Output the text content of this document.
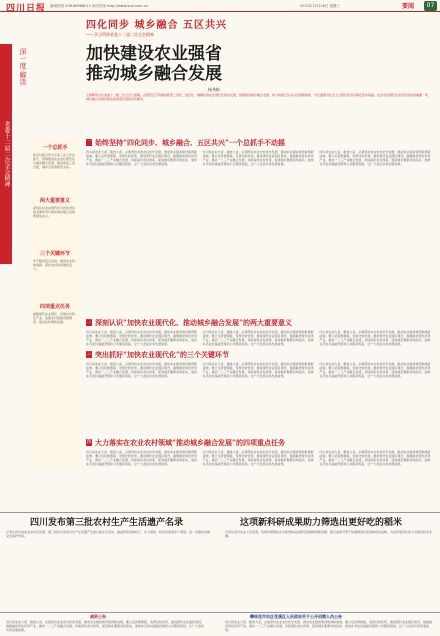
四川日报 新闻热线 028-86968012 四川在线 http://www.scol.com.cn	2022年12月28日 星期三	要闻	07
四化同步 城乡融合 五区共兴
——学习贯彻省委十二届二次全会精神
加快建设农业强省
推动城乡融合发展
杨秀彬
省委十二届二次全会精神
深一度·解读
王晓晖同志在省委十二届二次全会上强调，必须坚定不移推进新型工业化、信息化、城镇化和农业现代化同步发展，统筹推进城乡融合发展，着力构建五区共兴发展新格局，为全面建设社会主义现代化四川奠定坚实基础。农业农村现代化是四化同步的重要一环，城乡融合发展是推动高质量发展的必然要求。
一个总抓手
将乡村振兴作为全省三农工作总抓手，统筹推进农业农村现代化与城乡融合发展，推动形成工农互促、城乡互补的新型关系。
两大重要意义
深刻认识农业现代化对四化同步的支撑作用与推动城乡融合发展的现实意义。
三个关键环节
守牢粮食安全底线；推进农业科技创新；深化农村改革激发活力。
四项重点任务
做强现代农业园区，发展乡村特色产业，加强乡村基础设施建设，促进农民增收致富。
一 始终坚持“四化同步、城乡融合、五区共兴”一个总抓手不动摇
四川是农业大省、粮食大省，必须坚持农业农村优先发展，推动农业强省建设取得新成效。要立足资源禀赋，发挥比较优势，推进现代农业园区建设，做强做优特色优势产业，推动一二三产业融合发展，持续深化农村改革，促进城乡要素双向流动，加快补齐农村基础设施和公共服务短板，让广大农民共享发展成果。
四川是农业大省、粮食大省，必须坚持农业农村优先发展，推动农业强省建设取得新成效。要立足资源禀赋，发挥比较优势，推进现代农业园区建设，做强做优特色优势产业，推动一二三产业融合发展，持续深化农村改革，促进城乡要素双向流动，加快补齐农村基础设施和公共服务短板，让广大农民共享发展成果。
四川是农业大省、粮食大省，必须坚持农业农村优先发展，推动农业强省建设取得新成效。要立足资源禀赋，发挥比较优势，推进现代农业园区建设，做强做优特色优势产业，推动一二三产业融合发展，持续深化农村改革，促进城乡要素双向流动，加快补齐农村基础设施和公共服务短板，让广大农民共享发展成果。
二 深刻认识“加快农业现代化、推动城乡融合发展”的两大重要意义
四川是农业大省、粮食大省，必须坚持农业农村优先发展，推动农业强省建设取得新成效。要立足资源禀赋，发挥比较优势，推进现代农业园区建设，做强做优特色优势产业，推动一二三产业融合发展，持续深化农村改革，促进城乡要素双向流动，加快补齐农村基础设施和公共服务短板，让广大农民共享发展成果。
四川是农业大省、粮食大省，必须坚持农业农村优先发展，推动农业强省建设取得新成效。要立足资源禀赋，发挥比较优势，推进现代农业园区建设，做强做优特色优势产业，推动一二三产业融合发展，持续深化农村改革，促进城乡要素双向流动，加快补齐农村基础设施和公共服务短板，让广大农民共享发展成果。
四川是农业大省、粮食大省，必须坚持农业农村优先发展，推动农业强省建设取得新成效。要立足资源禀赋，发挥比较优势，推进现代农业园区建设，做强做优特色优势产业，推动一二三产业融合发展，持续深化农村改革，促进城乡要素双向流动，加快补齐农村基础设施和公共服务短板，让广大农民共享发展成果。
三 突出抓好“加快农业现代化”的三个关键环节
四川是农业大省、粮食大省，必须坚持农业农村优先发展，推动农业强省建设取得新成效。要立足资源禀赋，发挥比较优势，推进现代农业园区建设，做强做优特色优势产业，推动一二三产业融合发展，持续深化农村改革，促进城乡要素双向流动，加快补齐农村基础设施和公共服务短板，让广大农民共享发展成果。
四川是农业大省、粮食大省，必须坚持农业农村优先发展，推动农业强省建设取得新成效。要立足资源禀赋，发挥比较优势，推进现代农业园区建设，做强做优特色优势产业，推动一二三产业融合发展，持续深化农村改革，促进城乡要素双向流动，加快补齐农村基础设施和公共服务短板，让广大农民共享发展成果。
四川是农业大省、粮食大省，必须坚持农业农村优先发展，推动农业强省建设取得新成效。要立足资源禀赋，发挥比较优势，推进现代农业园区建设，做强做优特色优势产业，推动一二三产业融合发展，持续深化农村改革，促进城乡要素双向流动，加快补齐农村基础设施和公共服务短板，让广大农民共享发展成果。
四 大力落实在农业农村领域“推动城乡融合发展”的四项重点任务
四川是农业大省、粮食大省，必须坚持农业农村优先发展，推动农业强省建设取得新成效。要立足资源禀赋，发挥比较优势，推进现代农业园区建设，做强做优特色优势产业，推动一二三产业融合发展，持续深化农村改革，促进城乡要素双向流动，加快补齐农村基础设施和公共服务短板，让广大农民共享发展成果。
四川是农业大省、粮食大省，必须坚持农业农村优先发展，推动农业强省建设取得新成效。要立足资源禀赋，发挥比较优势，推进现代农业园区建设，做强做优特色优势产业，推动一二三产业融合发展，持续深化农村改革，促进城乡要素双向流动，加快补齐农村基础设施和公共服务短板，让广大农民共享发展成果。
四川是农业大省、粮食大省，必须坚持农业农村优先发展，推动农业强省建设取得新成效。要立足资源禀赋，发挥比较优势，推进现代农业园区建设，做强做优特色优势产业，推动一二三产业融合发展，持续深化农村改革，促进城乡要素双向流动，加快补齐农村基础设施和公共服务短板，让广大农民共享发展成果。
四川发布第三批农村生产生活遗产名录	这项新科研成果助力筛选出更好吃的稻米
记者从四川省农业农村厅获悉，第三批四川省农村生产生活遗产名录日前正式发布，涵盖传统农耕技艺、乡土建筑、特色饮食等多个类别，进一步推动农耕文化保护传承。
记者从四川农业大学获悉，该校科研团队在水稻食味品质研究领域取得新进展，相关成果可用于快速筛选优质食味稻米品种，为培育更好吃的大米提供技术支撑。
减资公告	攀枝花市东区花溪区人民政府关于公开招聘人员公告
四川是农业大省、粮食大省，必须坚持农业农村优先发展，推动农业强省建设取得新成效。要立足资源禀赋，发挥比较优势，推进现代农业园区建设，做强做优特色优势产业，推动一二三产业融合发展，持续深化农村改革，促进城乡要素双向流动，加快补齐农村基础设施和公共服务短板，让广大农民共享发展成果。
四川是农业大省、粮食大省，必须坚持农业农村优先发展，推动农业强省建设取得新成效。要立足资源禀赋，发挥比较优势，推进现代农业园区建设，做强做优特色优势产业，推动一二三产业融合发展，持续深化农村改革，促进城乡要素双向流动，加快补齐农村基础设施和公共服务短板，让广大农民共享发展成果。
